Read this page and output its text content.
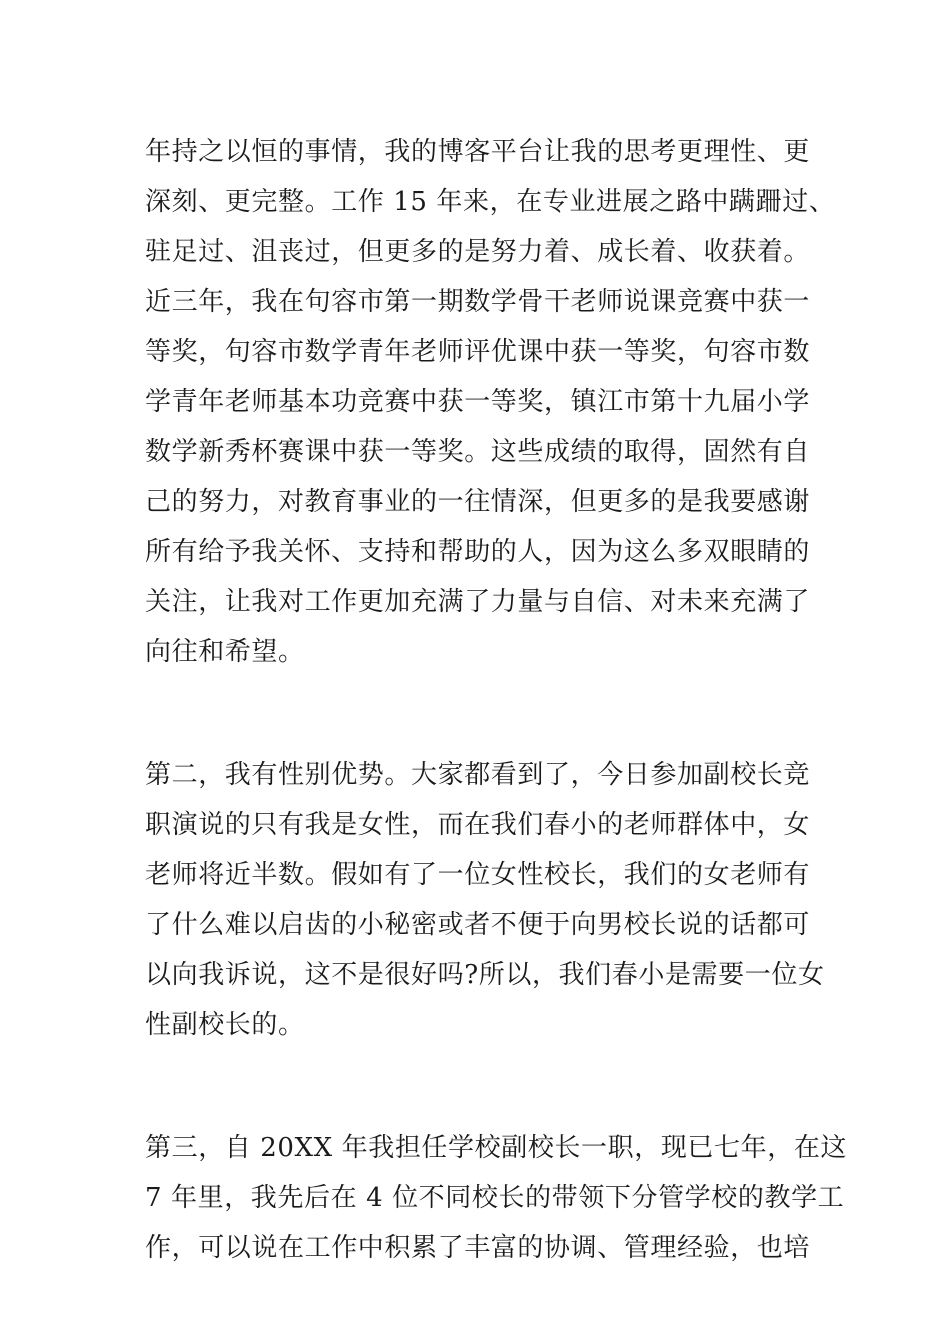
年持之以恒的事情，我的博客平台让我的思考更理性、更
深刻、更完整。工作 15 年来，在专业进展之路中蹒跚过、
驻足过、沮丧过，但更多的是努力着、成长着、收获着。
近三年，我在句容市第一期数学骨干老师说课竞赛中获一
等奖，句容市数学青年老师评优课中获一等奖，句容市数
学青年老师基本功竞赛中获一等奖，镇江市第十九届小学
数学新秀杯赛课中获一等奖。这些成绩的取得，固然有自
己的努力，对教育事业的一往情深，但更多的是我要感谢
所有给予我关怀、支持和帮助的人，因为这么多双眼睛的
关注，让我对工作更加充满了力量与自信、对未来充满了
向往和希望。
第二，我有性别优势。大家都看到了，今日参加副校长竞
职演说的只有我是女性，而在我们春小的老师群体中，女
老师将近半数。假如有了一位女性校长，我们的女老师有
了什么难以启齿的小秘密或者不便于向男校长说的话都可
以向我诉说，这不是很好吗?所以，我们春小是需要一位女
性副校长的。
第三，自 20XX 年我担任学校副校长一职，现已七年，在这
7 年里，我先后在 4 位不同校长的带领下分管学校的教学工
作，可以说在工作中积累了丰富的协调、管理经验，也培
